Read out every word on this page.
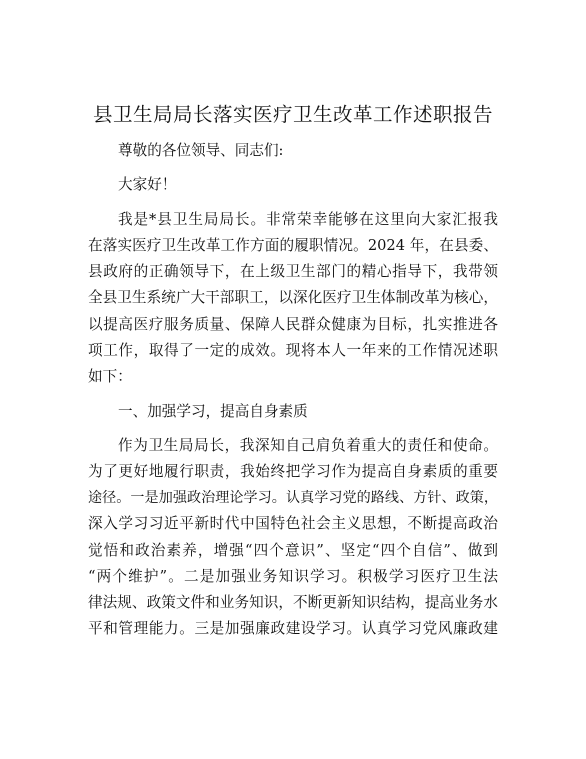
县卫生局局长落实医疗卫生改革工作述职报告
尊敬的各位领导、同志们:
大家好！
我是*县卫生局局长。非常荣幸能够在这里向大家汇报我
在落实医疗卫生改革工作方面的履职情况。2024 年，在县委、
县政府的正确领导下，在上级卫生部门的精心指导下，我带领
全县卫生系统广大干部职工，以深化医疗卫生体制改革为核心，
以提高医疗服务质量、保障人民群众健康为目标，扎实推进各
项工作，取得了一定的成效。现将本人一年来的工作情况述职
如下：
一、加强学习，提高自身素质
作为卫生局局长，我深知自己肩负着重大的责任和使命。
为了更好地履行职责，我始终把学习作为提高自身素质的重要
途径。一是加强政治理论学习。认真学习党的路线、方针、政策，
深入学习习近平新时代中国特色社会主义思想，不断提高政治
觉悟和政治素养，增强“四个意识”、坚定“四个自信”、做到
“两个维护”。二是加强业务知识学习。积极学习医疗卫生法
律法规、政策文件和业务知识，不断更新知识结构，提高业务水
平和管理能力。三是加强廉政建设学习。认真学习党风廉政建
